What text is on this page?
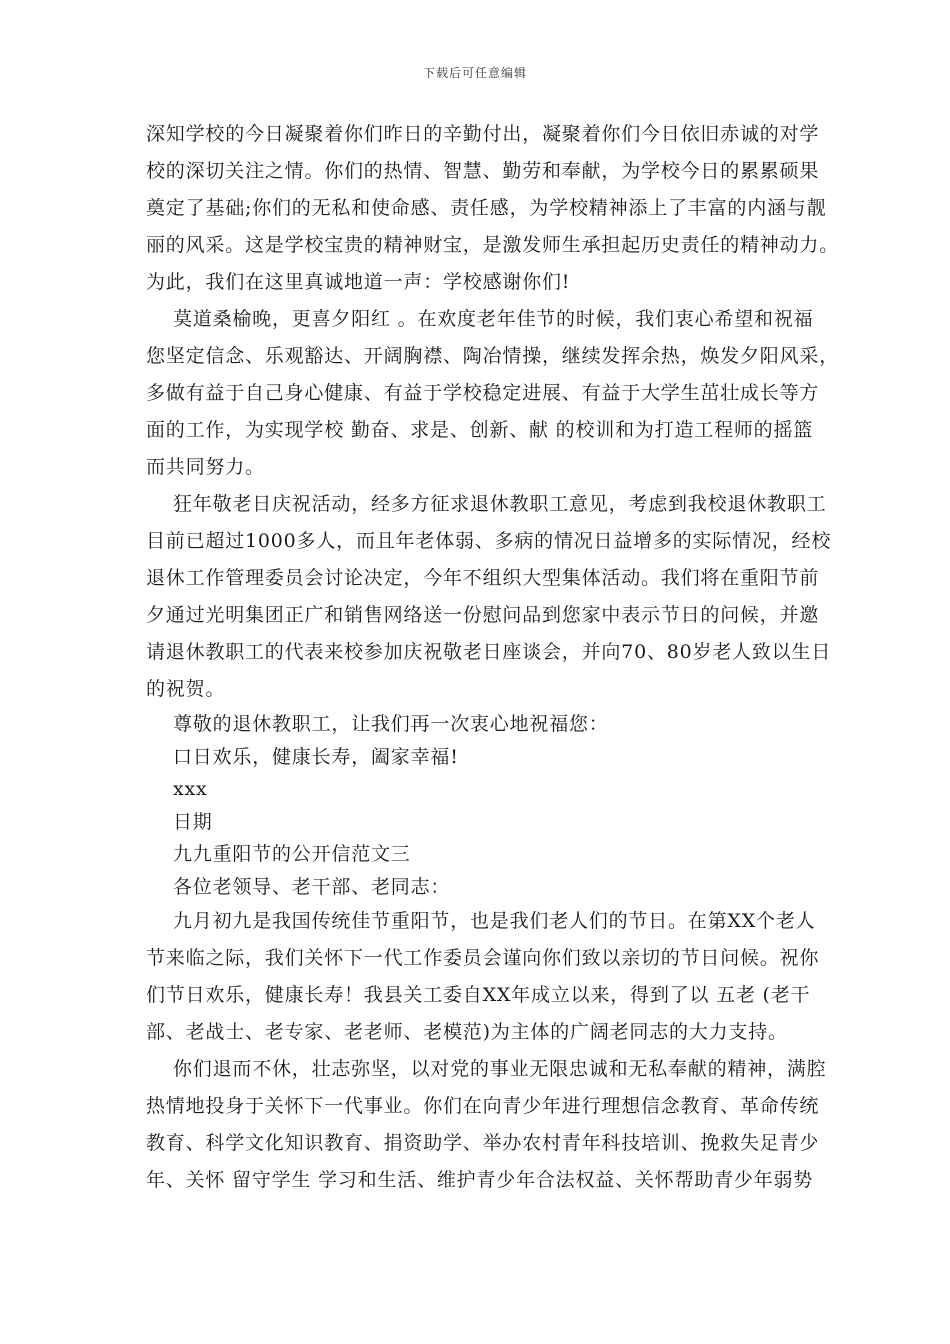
下载后可任意编辑
深知学校的今日凝聚着你们昨日的辛勤付出，凝聚着你们今日依旧赤诚的对学
校的深切关注之情。你们的热情、智慧、勤劳和奉献，为学校今日的累累硕果
奠定了基础;你们的无私和使命感、责任感，为学校精神添上了丰富的内涵与靓
丽的风采。这是学校宝贵的精神财宝，是激发师生承担起历史责任的精神动力。
为此，我们在这里真诚地道一声：学校感谢你们!
莫道桑榆晚，更喜夕阳红 。在欢度老年佳节的时候，我们衷心希望和祝福
您坚定信念、乐观豁达、开阔胸襟、陶冶情操，继续发挥余热，焕发夕阳风采，
多做有益于自己身心健康、有益于学校稳定进展、有益于大学生茁壮成长等方
面的工作，为实现学校 勤奋、求是、创新、献 的校训和为打造工程师的摇篮
而共同努力。
狂年敬老日庆祝活动，经多方征求退休教职工意见，考虑到我校退休教职工
目前已超过1000多人，而且年老体弱、多病的情况日益增多的实际情况，经校
退休工作管理委员会讨论决定，今年不组织大型集体活动。我们将在重阳节前
夕通过光明集团正广和销售网络送一份慰问品到您家中表示节日的问候，并邀
请退休教职工的代表来校参加庆祝敬老日座谈会，并向70、80岁老人致以生日
的祝贺。

尊敬的退休教职工，让我们再一次衷心地祝福您：

口日欢乐，健康长寿，阖家幸福!

xxx

日期

九九重阳节的公开信范文三

各位老领导、老干部、老同志：

九月初九是我国传统佳节重阳节，也是我们老人们的节日。在第XX个老人
节来临之际，我们关怀下一代工作委员会谨向你们致以亲切的节日问候。祝你
们节日欢乐，健康长寿！我县关工委自XX年成立以来，得到了以 五老 (老干
部、老战士、老专家、老老师、老模范)为主体的广阔老同志的大力支持。
你们退而不休，壮志弥坚，以对党的事业无限忠诚和无私奉献的精神，满腔
热情地投身于关怀下一代事业。你们在向青少年进行理想信念教育、革命传统
教育、科学文化知识教育、捐资助学、举办农村青年科技培训、挽救失足青少
年、关怀 留守学生 学习和生活、维护青少年合法权益、关怀帮助青少年弱势
